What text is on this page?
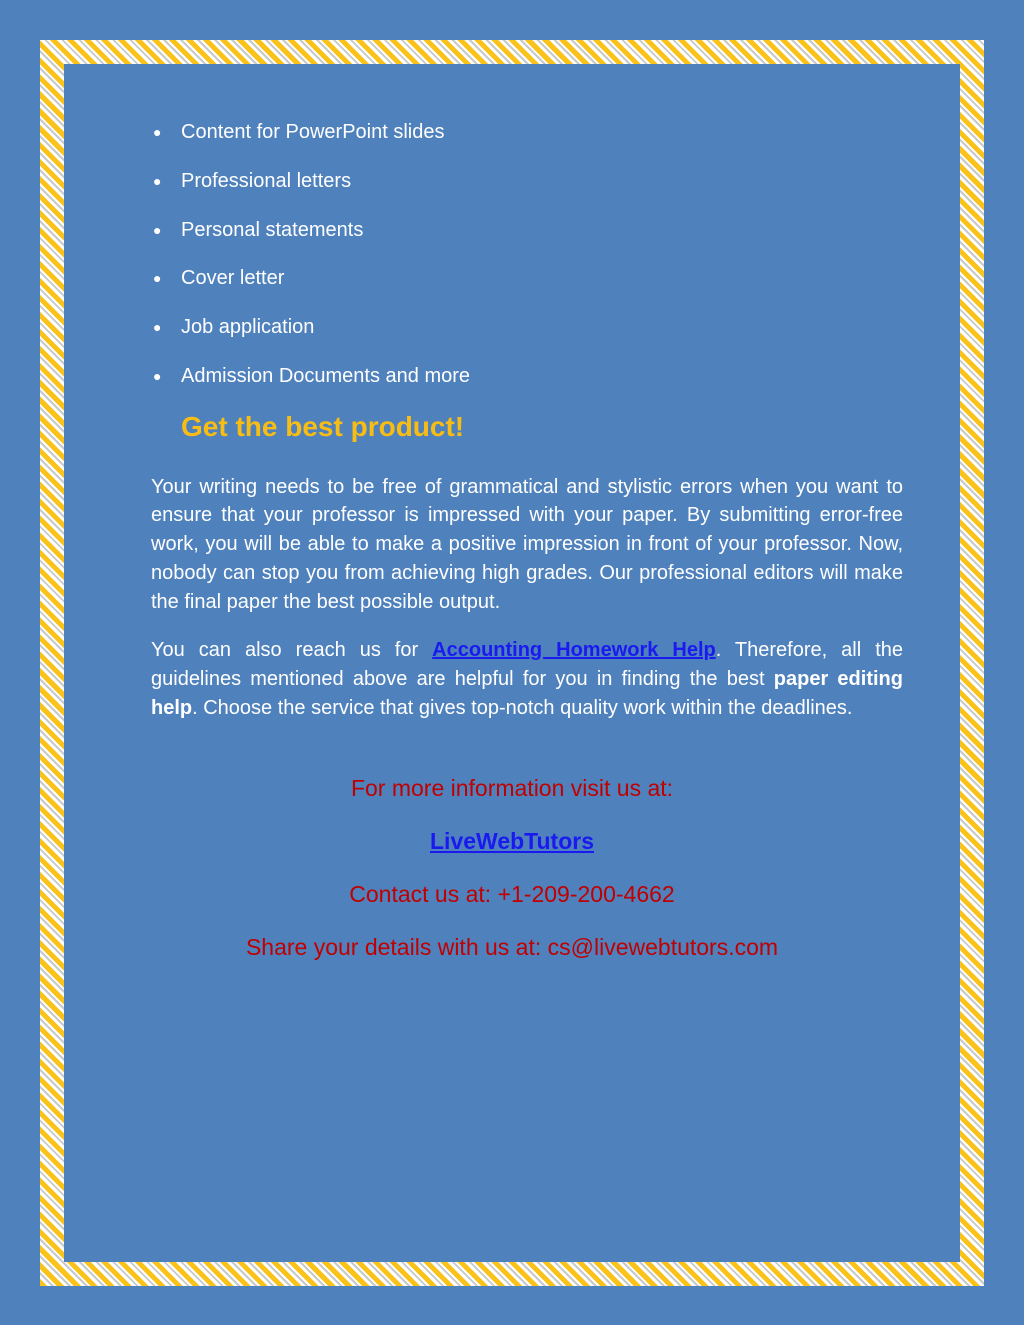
● Content for PowerPoint slides
● Professional letters
● Personal statements
● Cover letter
● Job application
● Admission Documents and more
Get the best product!

Your writing needs to be free of grammatical and stylistic errors when you want to ensure that your professor is impressed with your paper. By submitting error-free work, you will be able to make a positive impression in front of your professor. Now, nobody can stop you from achieving high grades. Our professional editors will make the final paper the best possible output.

You can also reach us for Accounting Homework Help. Therefore, all the guidelines mentioned above are helpful for you in finding the best paper editing help. Choose the service that gives top-notch quality work within the deadlines.

For more information visit us at:
LiveWebTutors
Contact us at: +1-209-200-4662
Share your details with us at: cs@livewebtutors.com
